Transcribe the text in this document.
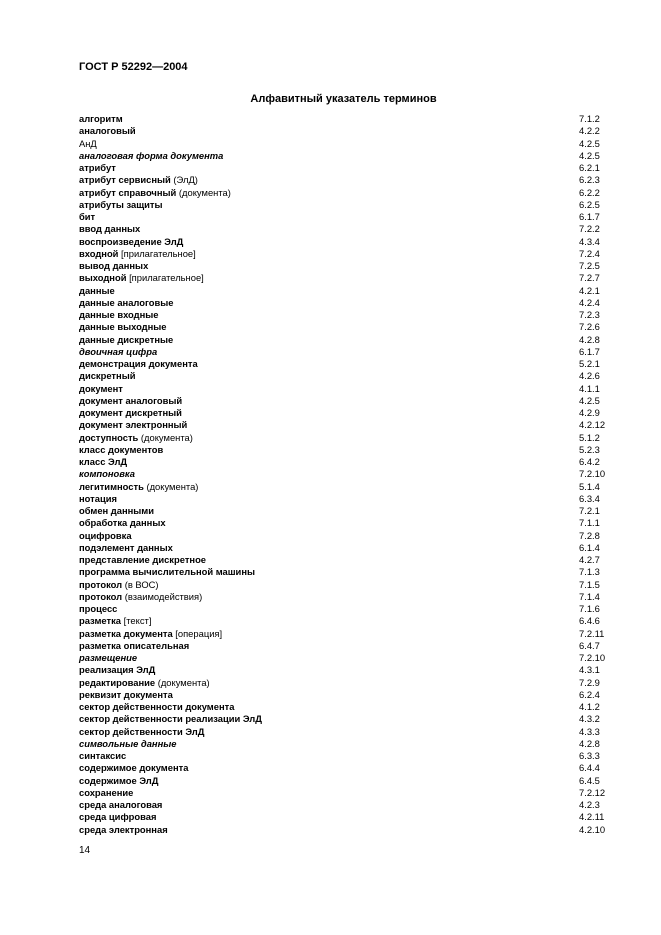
ГОСТ Р 52292—2004
Алфавитный указатель терминов
алгоритм	7.1.2
аналоговый	4.2.2
АнД	4.2.5
аналоговая форма документа	4.2.5
атрибут	6.2.1
атрибут сервисный (ЭлД)	6.2.3
атрибут справочный (документа)	6.2.2
атрибуты защиты	6.2.5
бит	6.1.7
ввод данных	7.2.2
воспроизведение ЭлД	4.3.4
входной [прилагательное]	7.2.4
вывод данных	7.2.5
выходной [прилагательное]	7.2.7
данные	4.2.1
данные аналоговые	4.2.4
данные входные	7.2.3
данные выходные	7.2.6
данные дискретные	4.2.8
двоичная цифра	6.1.7
демонстрация документа	5.2.1
дискретный	4.2.6
документ	4.1.1
документ аналоговый	4.2.5
документ дискретный	4.2.9
документ электронный	4.2.12
доступность (документа)	5.1.2
класс документов	5.2.3
класс ЭлД	6.4.2
компоновка	7.2.10
легитимность (документа)	5.1.4
нотация	6.3.4
обмен данными	7.2.1
обработка данных	7.1.1
оцифровка	7.2.8
подэлемент данных	6.1.4
представление дискретное	4.2.7
программа вычислительной машины	7.1.3
протокол (в ВОС)	7.1.5
протокол (взаимодействия)	7.1.4
процесс	7.1.6
разметка [текст]	6.4.6
разметка документа [операция]	7.2.11
разметка описательная	6.4.7
размещение	7.2.10
реализация ЭлД	4.3.1
редактирование (документа)	7.2.9
реквизит документа	6.2.4
сектор действенности документа	4.1.2
сектор действенности реализации ЭлД	4.3.2
сектор действенности ЭлД	4.3.3
символьные данные	4.2.8
синтаксис	6.3.3
содержимое документа	6.4.4
содержимое ЭлД	6.4.5
сохранение	7.2.12
среда аналоговая	4.2.3
среда цифровая	4.2.11
среда электронная	4.2.10
14
